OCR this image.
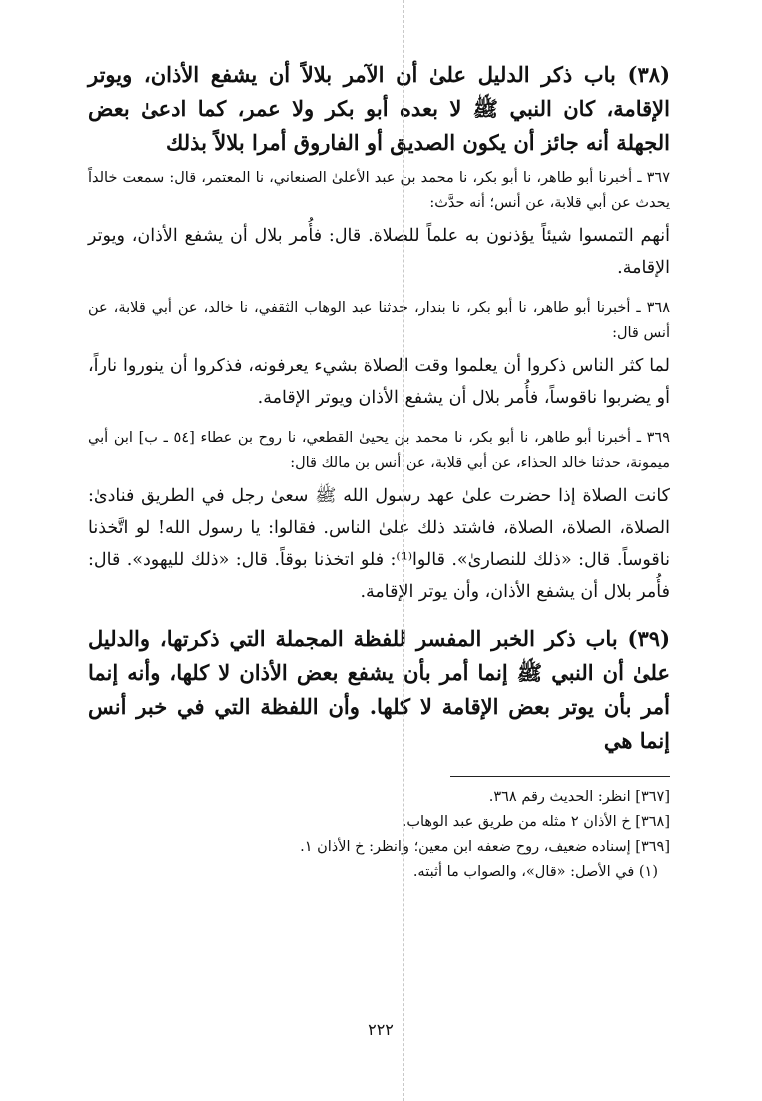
(٣٨) باب ذكر الدليل علىٰ أن الآمر بلالاً أن يشفع الأذان، ويوتر الإقامة، كان النبي ﷺ لا بعده أبو بكر ولا عمر، كما ادعىٰ بعض الجهلة أنه جائز أن يكون الصديق أو الفاروق أمرا بلالاً بذلك

٣٦٧ ـ أخبرنا أبو طاهر، نا أبو بكر، نا محمد بن عبد الأعلىٰ الصنعاني، نا المعتمر، قال: سمعت خالداً يحدث عن أبي قلابة، عن أنس؛ أنه حدَّث:

أنهم التمسوا شيئاً يؤذنون به علماً للصلاة. قال: فأُمر بلال أن يشفع الأذان، ويوتر الإقامة.

٣٦٨ ـ أخبرنا أبو طاهر، نا أبو بكر، نا بندار، حدثنا عبد الوهاب الثقفي، نا خالد، عن أبي قلابة، عن أنس قال:

لما كثر الناس ذكروا أن يعلموا وقت الصلاة بشيء يعرفونه، فذكروا أن ينوروا ناراً، أو يضربوا ناقوساً، فأُمر بلال أن يشفع الأذان ويوتر الإقامة.

٣٦٩ ـ أخبرنا أبو طاهر، نا أبو بكر، نا محمد بن يحيىٰ القطعي، نا روح بن عطاء [٥٤ ـ ب] ابن أبي ميمونة، حدثنا خالد الحذاء، عن أبي قلابة، عن أنس بن مالك قال:

كانت الصلاة إذا حضرت علىٰ عهد رسول الله ﷺ سعىٰ رجل في الطريق فنادىٰ: الصلاة، الصلاة، الصلاة، فاشتد ذلك علىٰ الناس. فقالوا: يا رسول الله! لو اتَّخذنا ناقوساً. قال: «ذلك للنصارىٰ». قالوا⁽¹⁾: فلو اتخذنا بوقاً. قال: «ذلك لليهود». قال: فأُمر بلال أن يشفع الأذان، وأن يوتر الإقامة.

(٣٩) باب ذكر الخبر المفسر للفظة المجملة التي ذكرتها، والدليل علىٰ أن النبي ﷺ إنما أمر بأن يشفع بعض الأذان لا كلها، وأنه إنما أمر بأن يوتر بعض الإقامة لا كلها. وأن اللفظة التي في خبر أنس إنما هي

[٣٦٧] انظر: الحديث رقم ٣٦٨.

[٣٦٨] خ الأذان ٢ مثله من طريق عبد الوهاب.

[٣٦٩] إسناده ضعيف، روح ضعفه ابن معين؛ وانظر: خ الأذان ١.

(١) في الأصل: «قال»، والصواب ما أثبته.

٢٢٢
